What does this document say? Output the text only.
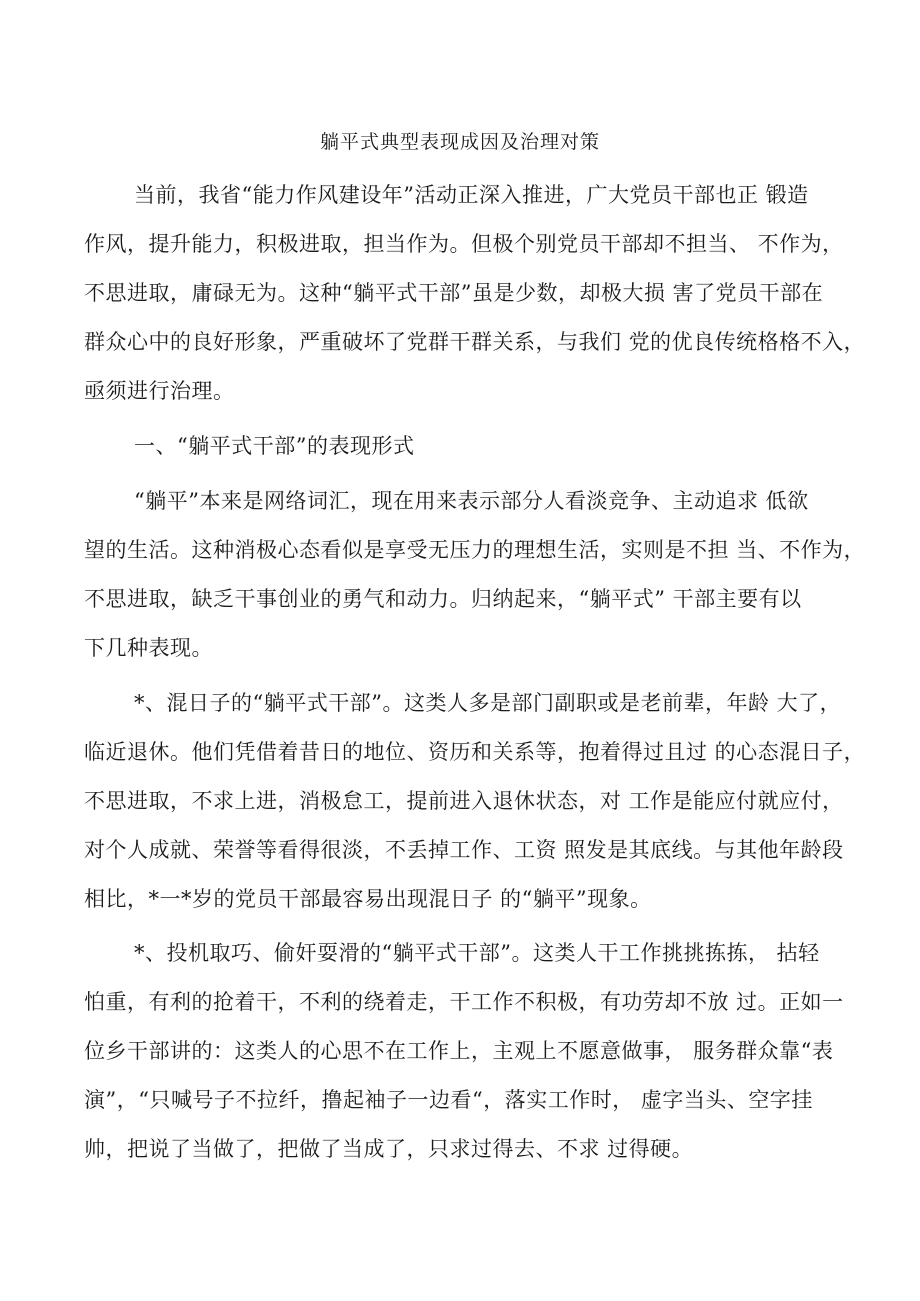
躺平式典型表现成因及治理对策
当前，我省“能力作风建设年”活动正深入推进，广大党员干部也正 锻造
作风，提升能力，积极进取，担当作为。但极个别党员干部却不担当、 不作为，
不思进取，庸碌无为。这种“躺平式干部”虽是少数，却极大损 害了党员干部在
群众心中的良好形象，严重破坏了党群干群关系，与我们 党的优良传统格格不入，
亟须进行治理。
一、“躺平式干部”的表现形式
“躺平”本来是网络词汇，现在用来表示部分人看淡竞争、主动追求 低欲
望的生活。这种消极心态看似是享受无压力的理想生活，实则是不担 当、不作为，
不思进取，缺乏干事创业的勇气和动力。归纳起来，“躺平式” 干部主要有以
下几种表现。
*、混日子的“躺平式干部”。这类人多是部门副职或是老前辈，年龄 大了，
临近退休。他们凭借着昔日的地位、资历和关系等，抱着得过且过 的心态混日子，
不思进取，不求上进，消极怠工，提前进入退休状态，对 工作是能应付就应付，
对个人成就、荣誉等看得很淡，不丢掉工作、工资 照发是其底线。与其他年龄段
相比，*一*岁的党员干部最容易出现混日子 的“躺平”现象。
*、投机取巧、偷奸耍滑的“躺平式干部”。这类人干工作挑挑拣拣， 拈轻
怕重，有利的抢着干，不利的绕着走，干工作不积极，有功劳却不放 过。正如一
位乡干部讲的：这类人的心思不在工作上，主观上不愿意做事， 服务群众靠“表
演”，“只喊号子不拉纤，撸起袖子一边看“，落实工作时， 虚字当头、空字挂
帅，把说了当做了，把做了当成了，只求过得去、不求 过得硬。
